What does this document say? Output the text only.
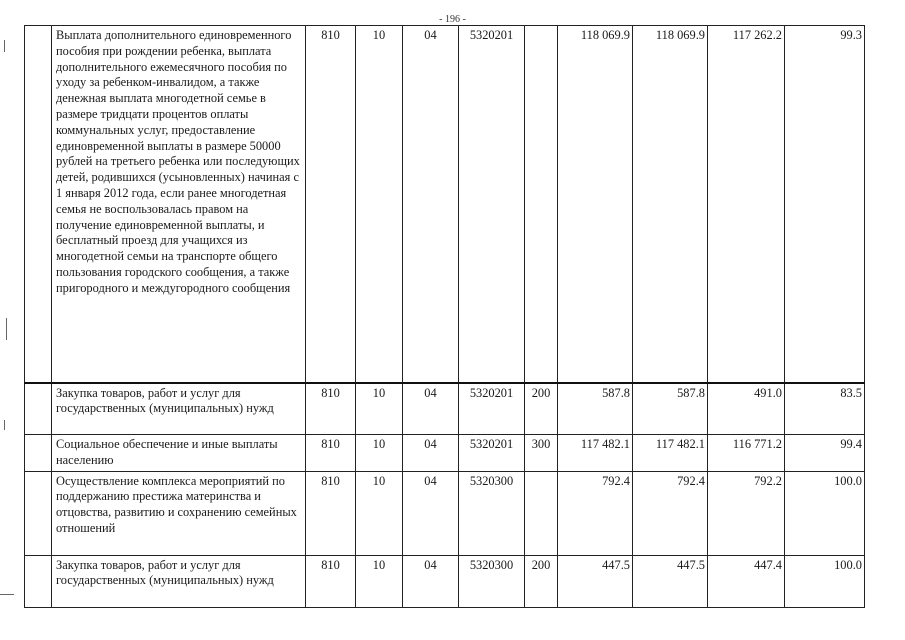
- 196 -
	Выплата дополнительного единовременного пособия при рождении ребенка, выплата дополнительного ежемесячного пособия по уходу за ребенком-инвалидом, а также денежная выплата многодетной семье в размере тридцати процентов оплаты коммунальных услуг, предоставление единовременной выплаты в размере 50000 рублей на третьего ребенка или последующих детей, родившихся (усыновленных) начиная с 1 января 2012 года, если ранее многодетная семья не воспользовалась правом на получение единовременной выплаты, и бесплатный проезд для учащихся из многодетной семьи на транспорте общего пользования городского сообщения, а также пригородного и междугородного сообщения	810	10	04	5320201		118 069.9	118 069.9	117 262.2	99.3
	Закупка товаров, работ и услуг для государственных (муниципальных) нужд	810	10	04	5320201	200	587.8	587.8	491.0	83.5
	Социальное обеспечение и иные выплаты населению	810	10	04	5320201	300	117 482.1	117 482.1	116 771.2	99.4
	Осуществление комплекса мероприятий по поддержанию престижа материнства и отцовства, развитию и сохранению семейных отношений	810	10	04	5320300		792.4	792.4	792.2	100.0
	Закупка товаров, работ и услуг для государственных (муниципальных) нужд	810	10	04	5320300	200	447.5	447.5	447.4	100.0
